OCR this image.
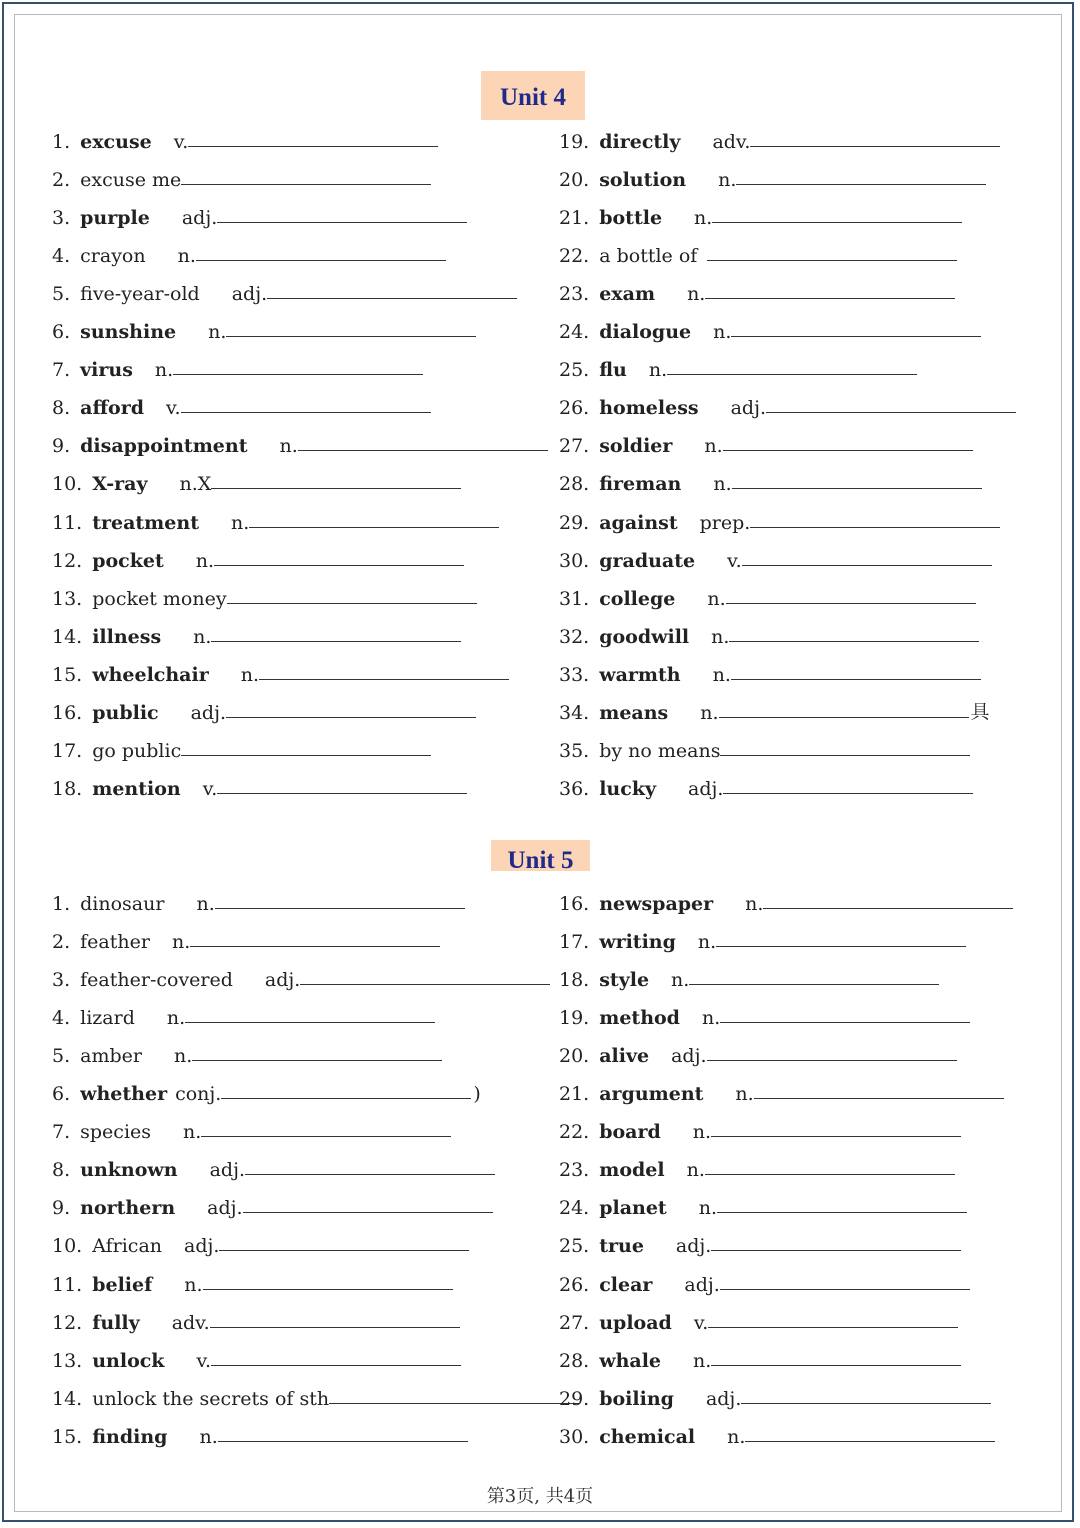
Unit 4
1. excuse v.
2. excuse me
3. purple adj.
4. crayon n.
5. five-year-old adj.
6. sunshine n.
7. virus n.
8. afford v.
9. disappointment n.
10. X-ray n.X
11. treatment n.
12. pocket n.
13. pocket money
14. illness n.
15. wheelchair n.
16. public adj.
17. go public
18. mention v.
19. directly adv.
20. solution n.
21. bottle n.
22. a bottle of
23. exam n.
24. dialogue n.
25. flu n.
26. homeless adj.
27. soldier n.
28. fireman n.
29. against prep.
30. graduate v.
31. college n.
32. goodwill n.
33. warmth n.
34. means n.	具
35. by no means
36. lucky adj.
Unit 5
1. dinosaur n.
2. feather n.
3. feather-covered adj.
4. lizard n.
5. amber n.
6. whether conj.	)
7. species n.
8. unknown adj.
9. northern adj.
10. African adj.
11. belief n.
12. fully adv.
13. unlock v.
14. unlock the secrets of sth
15. finding n.
16. newspaper n.
17. writing n.
18. style n.
19. method n.
20. alive adj.
21. argument n.
22. board n.
23. model n.
24. planet n.
25. true adj.
26. clear adj.
27. upload v.
28. whale n.
29. boiling adj.
30. chemical n.
第3页, 共4页
